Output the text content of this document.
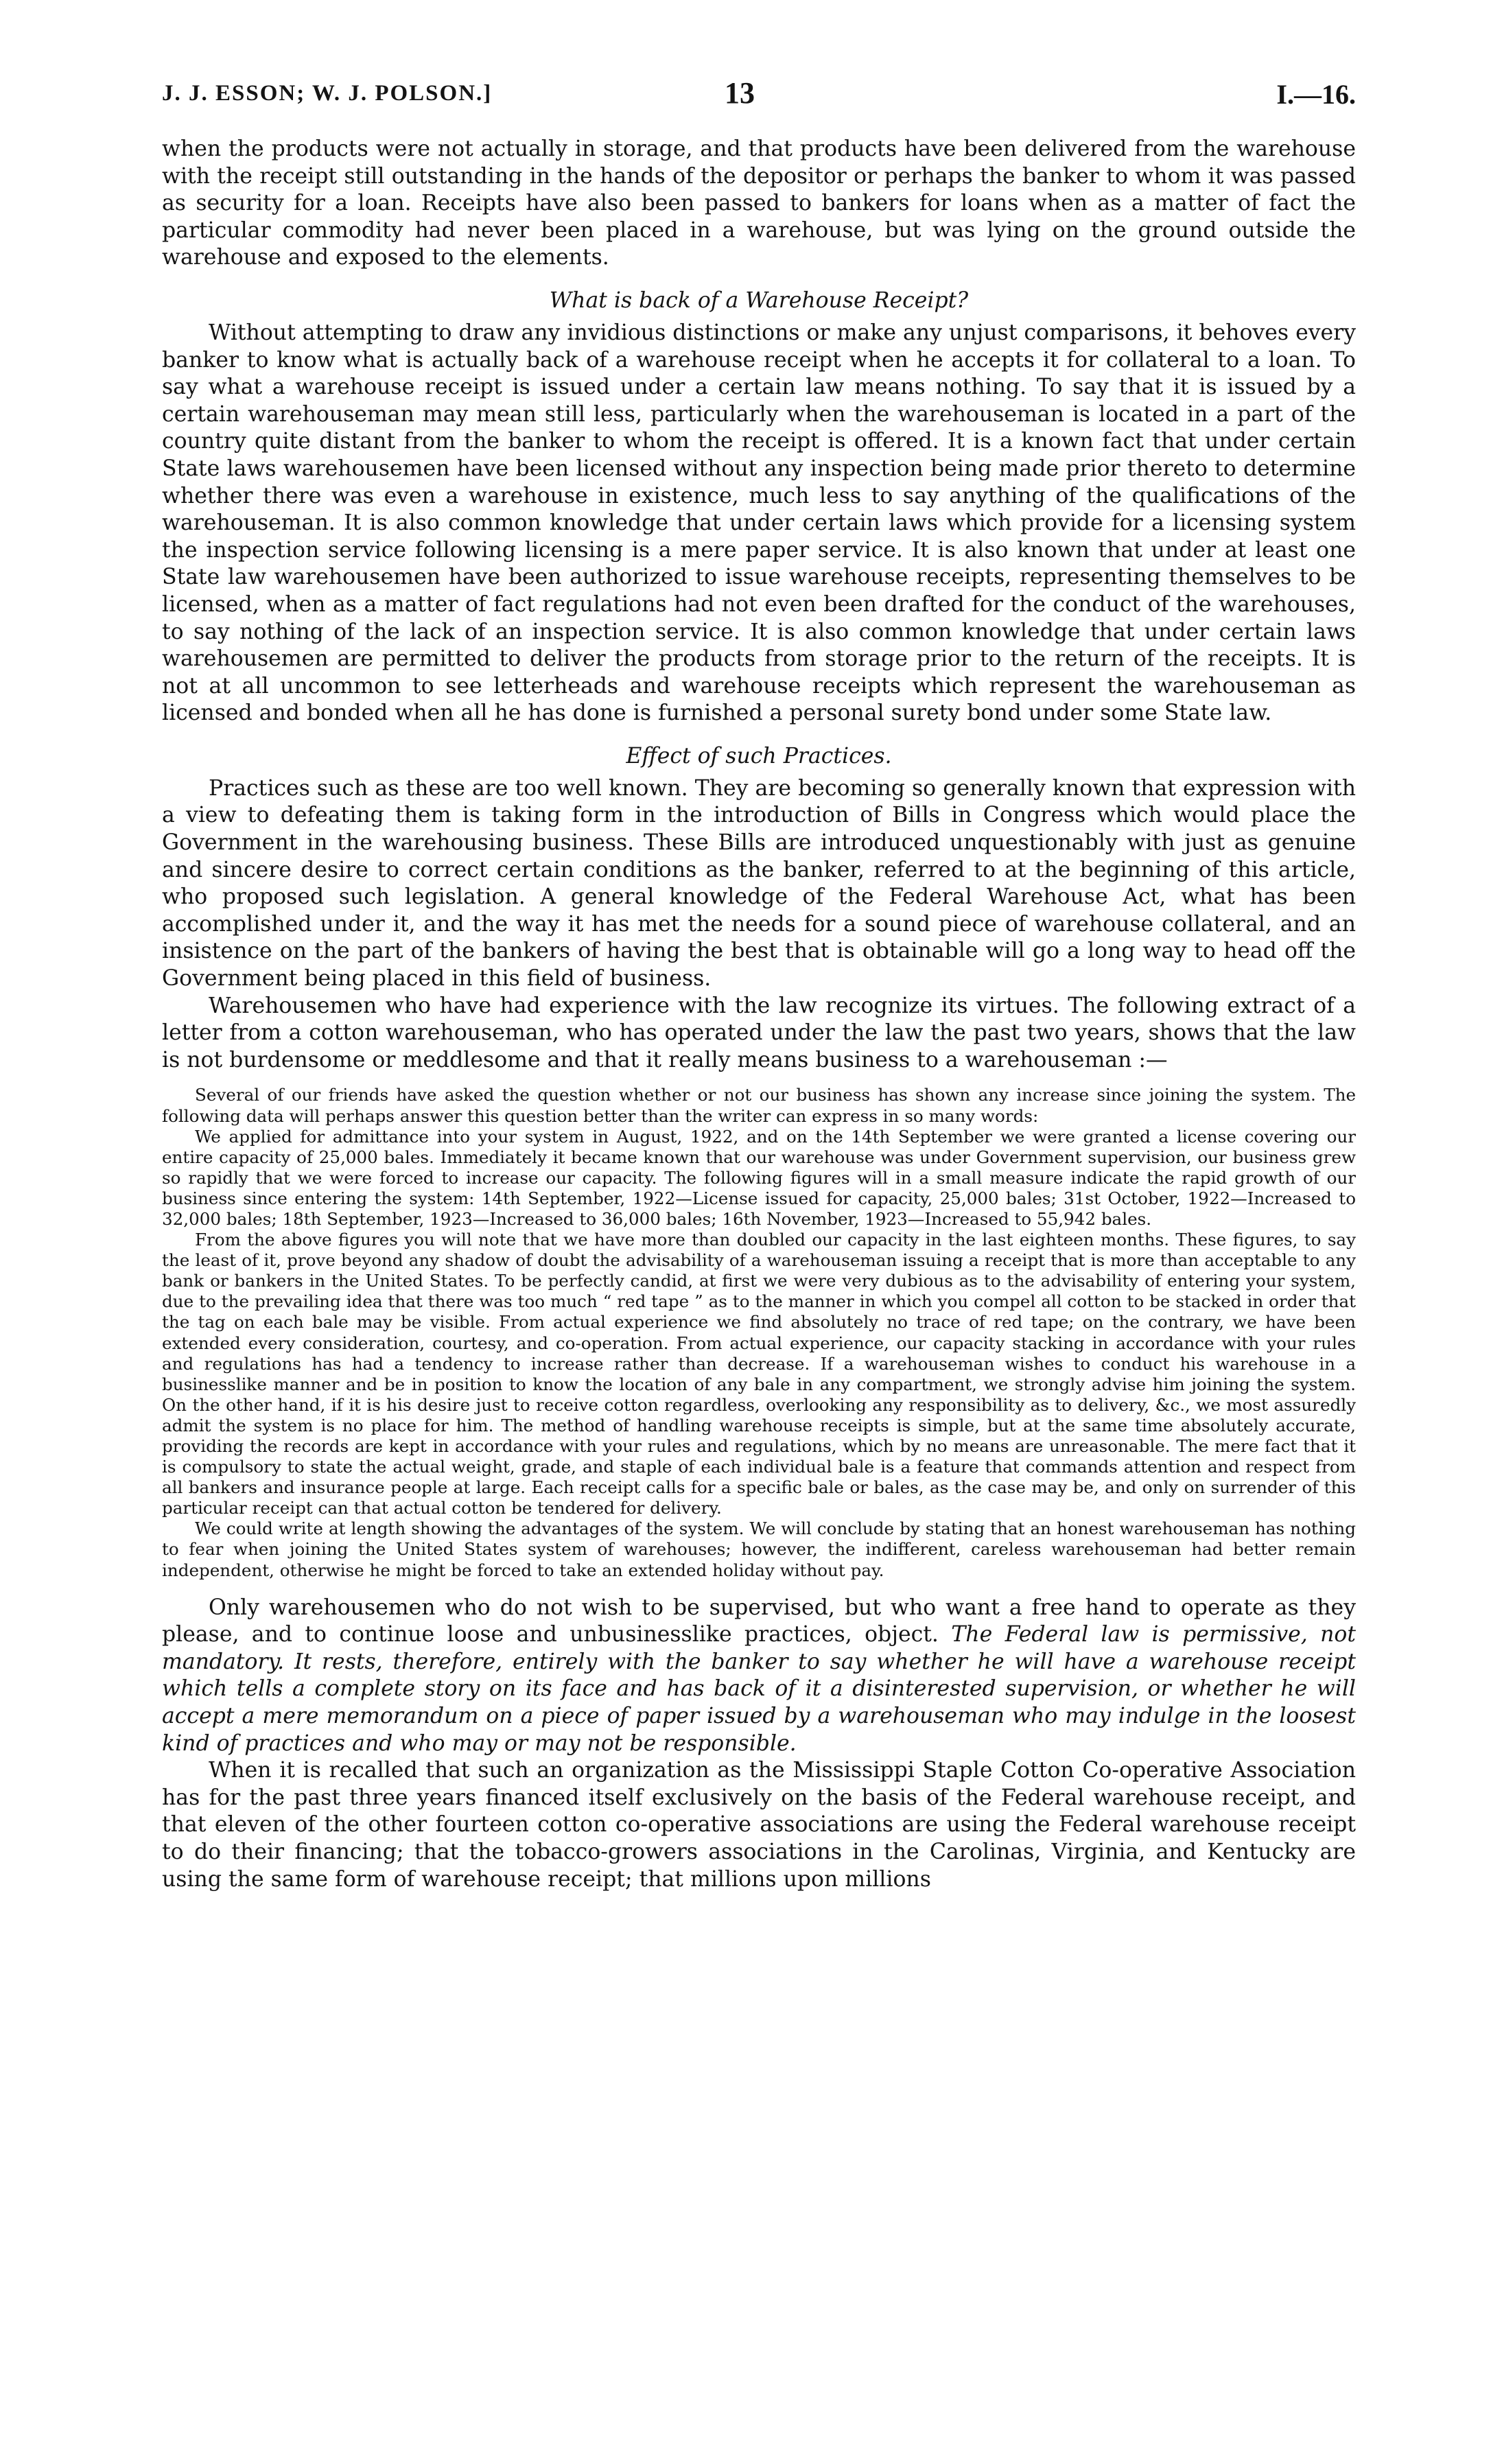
J. J. ESSON; W. J. POLSON.]	13	I.—16.

when the products were not actually in storage, and that products have been delivered from the warehouse with the receipt still outstanding in the hands of the depositor or perhaps the banker to whom it was passed as security for a loan. Receipts have also been passed to bankers for loans when as a matter of fact the particular commodity had never been placed in a warehouse, but was lying on the ground outside the warehouse and exposed to the elements.

What is back of a Warehouse Receipt?

Without attempting to draw any invidious distinctions or make any unjust comparisons, it behoves every banker to know what is actually back of a warehouse receipt when he accepts it for collateral to a loan. To say what a warehouse receipt is issued under a certain law means nothing. To say that it is issued by a certain warehouseman may mean still less, particularly when the warehouseman is located in a part of the country quite distant from the banker to whom the receipt is offered. It is a known fact that under certain State laws warehousemen have been licensed without any inspection being made prior thereto to determine whether there was even a warehouse in existence, much less to say anything of the qualifications of the warehouseman. It is also common knowledge that under certain laws which provide for a licensing system the inspection service following licensing is a mere paper service. It is also known that under at least one State law warehousemen have been authorized to issue warehouse receipts, representing themselves to be licensed, when as a matter of fact regulations had not even been drafted for the conduct of the warehouses, to say nothing of the lack of an inspection service. It is also common knowledge that under certain laws warehousemen are permitted to deliver the products from storage prior to the return of the receipts. It is not at all uncommon to see letterheads and warehouse receipts which represent the warehouseman as licensed and bonded when all he has done is furnished a personal surety bond under some State law.

Effect of such Practices.

Practices such as these are too well known. They are becoming so generally known that expression with a view to defeating them is taking form in the introduction of Bills in Congress which would place the Government in the warehousing business. These Bills are introduced unquestionably with just as genuine and sincere desire to correct certain conditions as the banker, referred to at the beginning of this article, who proposed such legislation. A general knowledge of the Federal Warehouse Act, what has been accomplished under it, and the way it has met the needs for a sound piece of warehouse collateral, and an insistence on the part of the bankers of having the best that is obtainable will go a long way to head off the Government being placed in this field of business.

Warehousemen who have had experience with the law recognize its virtues. The following extract of a letter from a cotton warehouseman, who has operated under the law the past two years, shows that the law is not burdensome or meddlesome and that it really means business to a warehouseman :—

Several of our friends have asked the question whether or not our business has shown any increase since joining the system. The following data will perhaps answer this question better than the writer can express in so many words:

We applied for admittance into your system in August, 1922, and on the 14th September we were granted a license covering our entire capacity of 25,000 bales. Immediately it became known that our warehouse was under Government supervision, our business grew so rapidly that we were forced to increase our capacity. The following figures will in a small measure indicate the rapid growth of our business since entering the system: 14th September, 1922—License issued for capacity, 25,000 bales; 31st October, 1922—Increased to 32,000 bales; 18th September, 1923—Increased to 36,000 bales; 16th November, 1923—Increased to 55,942 bales.

From the above figures you will note that we have more than doubled our capacity in the last eighteen months. These figures, to say the least of it, prove beyond any shadow of doubt the advisability of a warehouseman issuing a receipt that is more than acceptable to any bank or bankers in the United States. To be perfectly candid, at first we were very dubious as to the advisability of entering your system, due to the prevailing idea that there was too much “ red tape ” as to the manner in which you compel all cotton to be stacked in order that the tag on each bale may be visible. From actual experience we find absolutely no trace of red tape; on the contrary, we have been extended every consideration, courtesy, and co-operation. From actual experience, our capacity stacking in accordance with your rules and regulations has had a tendency to increase rather than decrease. If a warehouseman wishes to conduct his warehouse in a businesslike manner and be in position to know the location of any bale in any compartment, we strongly advise him joining the system. On the other hand, if it is his desire just to receive cotton regardless, overlooking any responsibility as to delivery, &c., we most assuredly admit the system is no place for him. The method of handling warehouse receipts is simple, but at the same time absolutely accurate, providing the records are kept in accordance with your rules and regulations, which by no means are unreasonable. The mere fact that it is compulsory to state the actual weight, grade, and staple of each individual bale is a feature that commands attention and respect from all bankers and insurance people at large. Each receipt calls for a specific bale or bales, as the case may be, and only on surrender of this particular receipt can that actual cotton be tendered for delivery.

We could write at length showing the advantages of the system. We will conclude by stating that an honest warehouseman has nothing to fear when joining the United States system of warehouses; however, the indifferent, careless warehouseman had better remain independent, otherwise he might be forced to take an extended holiday without pay.

Only warehousemen who do not wish to be supervised, but who want a free hand to operate as they please, and to continue loose and unbusinesslike practices, object. The Federal law is permissive, not mandatory. It rests, therefore, entirely with the banker to say whether he will have a warehouse receipt which tells a complete story on its face and has back of it a disinterested supervision, or whether he will accept a mere memorandum on a piece of paper issued by a warehouseman who may indulge in the loosest kind of practices and who may or may not be responsible.

When it is recalled that such an organization as the Mississippi Staple Cotton Co-operative Association has for the past three years financed itself exclusively on the basis of the Federal warehouse receipt, and that eleven of the other fourteen cotton co-operative associations are using the Federal warehouse receipt to do their financing; that the tobacco-growers associations in the Carolinas, Virginia, and Kentucky are using the same form of warehouse receipt; that millions upon millions
